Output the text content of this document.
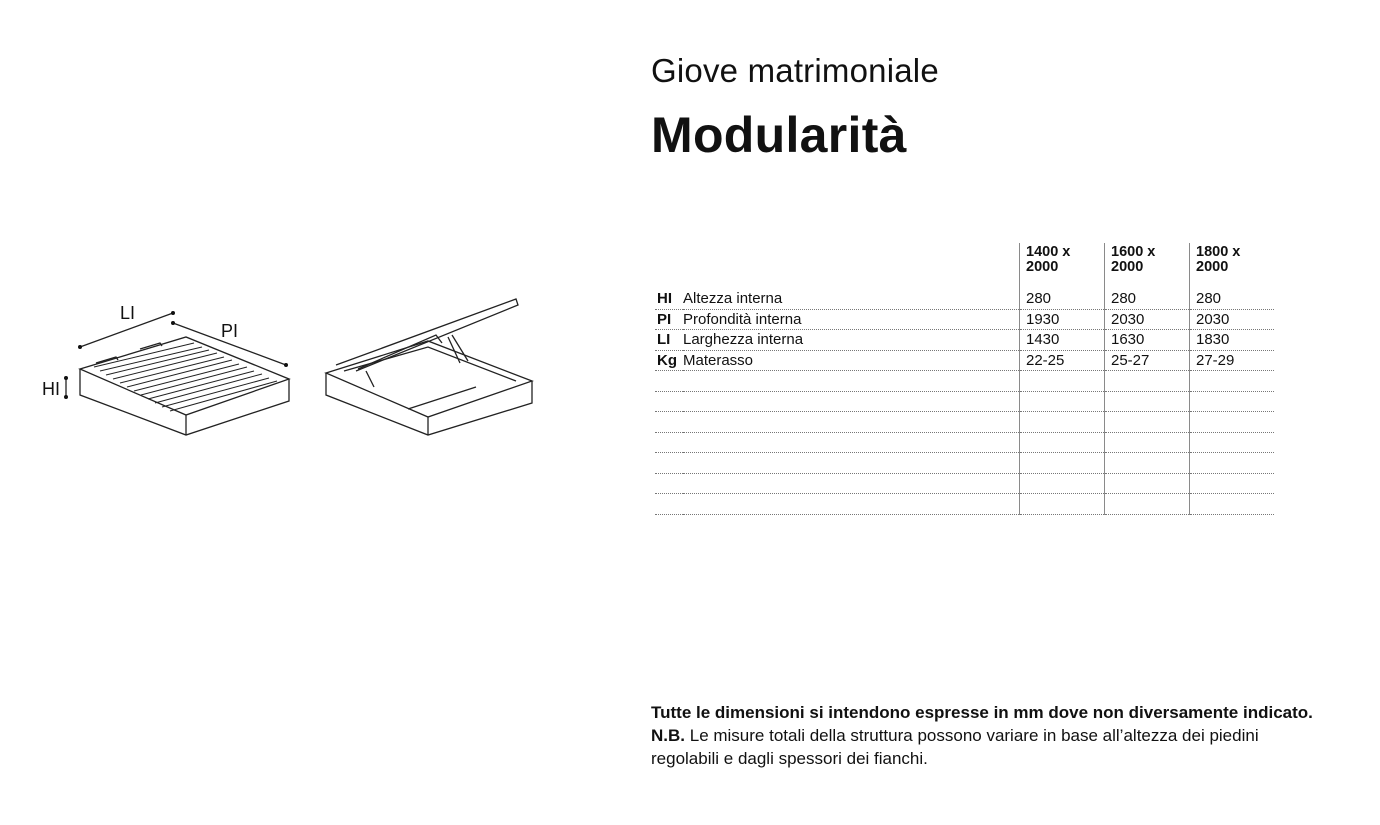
Giove matrimoniale
Modularità
LI
PI
HI
		1400 x 2000	1600 x 2000	1800 x 2000
HI	Altezza interna	280	280	280
PI	Profondità interna	1930	2030	2030
LI	Larghezza interna	1430	1630	1830
Kg	Materasso	22-25	25-27	27-29

Tutte le dimensioni si intendono espresse in mm dove non diversamente indicato.
N.B. Le misure totali della struttura possono variare in base all’altezza dei piedini regolabili e dagli spessori dei fianchi.
